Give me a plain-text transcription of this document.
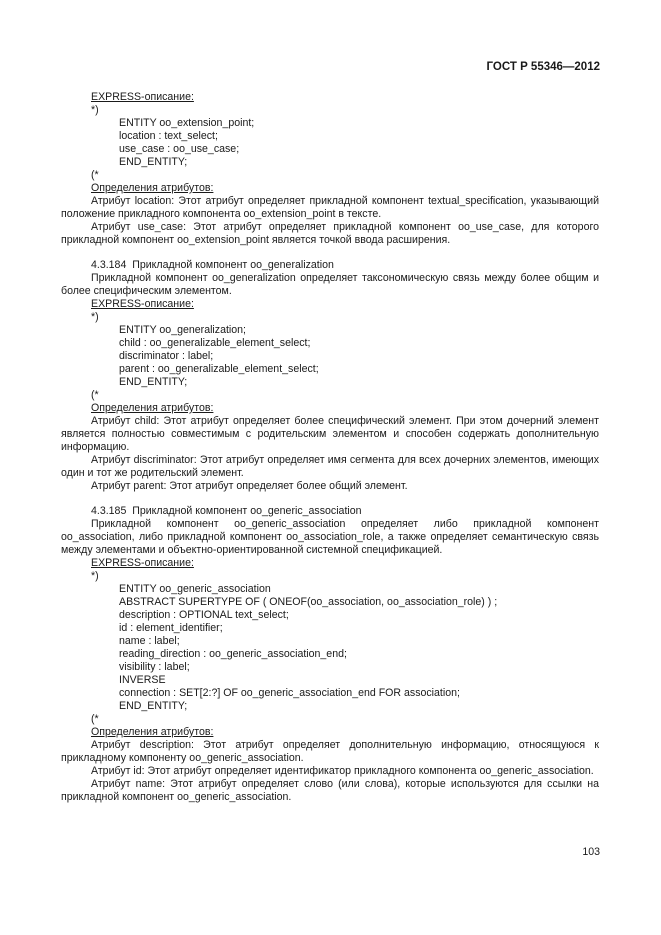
ГОСТ Р 55346—2012
EXPRESS-описание:
*)
ENTITY oo_extension_point;
location : text_select;
use_case : oo_use_case;
END_ENTITY;
(*
Определения атрибутов:
Атрибут location: Этот атрибут определяет прикладной компонент textual_specification, указывающий положение прикладного компонента oo_extension_point в тексте.
Атрибут use_case: Этот атрибут определяет прикладной компонент oo_use_case, для которого прикладной компонент oo_extension_point является точкой ввода расширения.
4.3.184  Прикладной компонент oo_generalization
Прикладной компонент oo_generalization определяет таксономическую связь между более общим и более специфическим элементом.
EXPRESS-описание:
*)
ENTITY oo_generalization;
child : oo_generalizable_element_select;
discriminator : label;
parent : oo_generalizable_element_select;
END_ENTITY;
(*
Определения атрибутов:
Атрибут child: Этот атрибут определяет более специфический элемент. При этом дочерний элемент является полностью совместимым с родительским элементом и способен содержать дополнительную информацию.
Атрибут discriminator: Этот атрибут определяет имя сегмента для всех дочерних элементов, имеющих один и тот же родительский элемент.
Атрибут parent: Этот атрибут определяет более общий элемент.
4.3.185  Прикладной компонент oo_generic_association
Прикладной компонент oo_generic_association определяет либо прикладной компонент oo_association, либо прикладной компонент oo_association_role, а также определяет семантическую связь между элементами и объектно-ориентированной системной спецификацией.
EXPRESS-описание:
*)
ENTITY oo_generic_association
ABSTRACT SUPERTYPE OF ( ONEOF(oo_association, oo_association_role) ) ;
description : OPTIONAL text_select;
id : element_identifier;
name : label;
reading_direction : oo_generic_association_end;
visibility : label;
INVERSE
connection : SET[2:?] OF oo_generic_association_end FOR association;
END_ENTITY;
(*
Определения атрибутов:
Атрибут description: Этот атрибут определяет дополнительную информацию, относящуюся к прикладному компоненту oo_generic_association.
Атрибут id: Этот атрибут определяет идентификатор прикладного компонента oo_generic_association.
Атрибут name: Этот атрибут определяет слово (или слова), которые используются для ссылки на прикладной компонент oo_generic_association.
103
